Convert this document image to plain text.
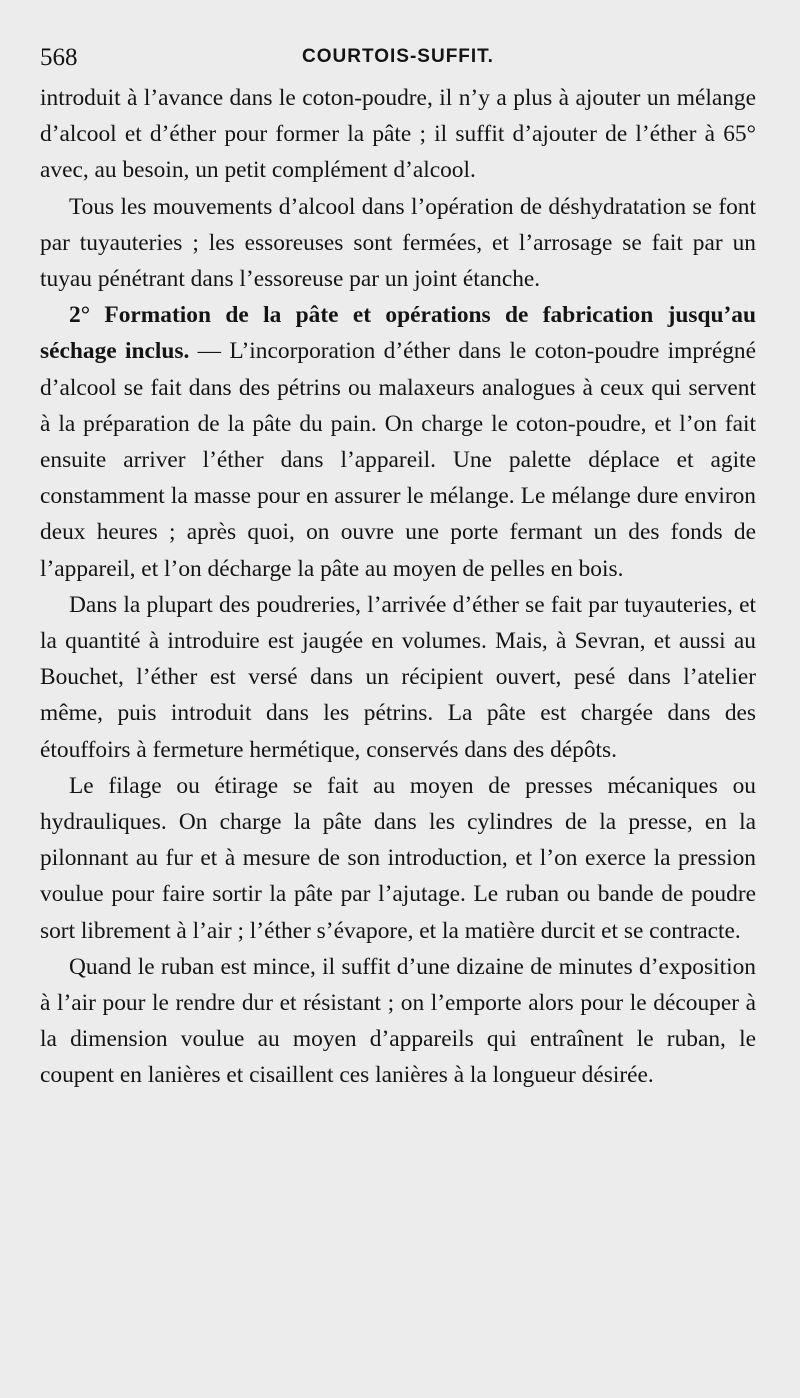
568	COURTOIS-SUFFIT.

introduit à l’avance dans le coton-poudre, il n’y a plus à ajouter un mélange d’alcool et d’éther pour former la pâte ; il suffit d’ajouter de l’éther à 65° avec, au besoin, un petit complément d’alcool.

Tous les mouvements d’alcool dans l’opération de déshydratation se font par tuyauteries ; les essoreuses sont fermées, et l’arrosage se fait par un tuyau pénétrant dans l’essoreuse par un joint étanche.

2° Formation de la pâte et opérations de fabrication jusqu’au séchage inclus. — L’incorporation d’éther dans le coton-poudre imprégné d’alcool se fait dans des pétrins ou malaxeurs analogues à ceux qui servent à la préparation de la pâte du pain. On charge le coton-poudre, et l’on fait ensuite arriver l’éther dans l’appareil. Une palette déplace et agite constamment la masse pour en assurer le mélange. Le mélange dure environ deux heures ; après quoi, on ouvre une porte fermant un des fonds de l’appareil, et l’on décharge la pâte au moyen de pelles en bois.

Dans la plupart des poudreries, l’arrivée d’éther se fait par tuyauteries, et la quantité à introduire est jaugée en volumes. Mais, à Sevran, et aussi au Bouchet, l’éther est versé dans un récipient ouvert, pesé dans l’atelier même, puis introduit dans les pétrins. La pâte est chargée dans des étouffoirs à fermeture hermétique, conservés dans des dépôts.

Le filage ou étirage se fait au moyen de presses mécaniques ou hydrauliques. On charge la pâte dans les cylindres de la presse, en la pilonnant au fur et à mesure de son introduction, et l’on exerce la pression voulue pour faire sortir la pâte par l’ajutage. Le ruban ou bande de poudre sort librement à l’air ; l’éther s’évapore, et la matière durcit et se contracte.

Quand le ruban est mince, il suffit d’une dizaine de minutes d’exposition à l’air pour le rendre dur et résistant ; on l’emporte alors pour le découper à la dimension voulue au moyen d’appareils qui entraînent le ruban, le coupent en lanières et cisaillent ces lanières à la longueur désirée.
